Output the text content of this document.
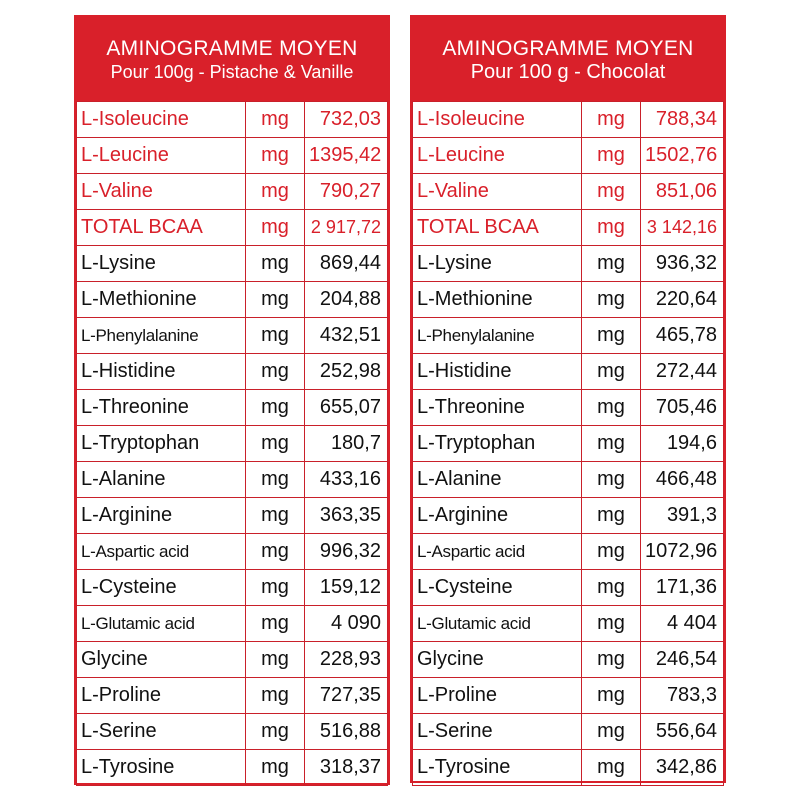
AMINOGRAMME MOYEN
Pour 100g - Pistache & Vanille
L-Isoleucine	mg	732,03
L-Leucine	mg	1395,42
L-Valine	mg	790,27
TOTAL BCAA	mg	2 917,72
L-Lysine	mg	869,44
L-Methionine	mg	204,88
L-Phenylalanine	mg	432,51
L-Histidine	mg	252,98
L-Threonine	mg	655,07
L-Tryptophan	mg	180,7
L-Alanine	mg	433,16
L-Arginine	mg	363,35
L-Aspartic acid	mg	996,32
L-Cysteine	mg	159,12
L-Glutamic acid	mg	4 090
Glycine	mg	228,93
L-Proline	mg	727,35
L-Serine	mg	516,88
L-Tyrosine	mg	318,37
AMINOGRAMME MOYEN
Pour 100 g - Chocolat
L-Isoleucine	mg	788,34
L-Leucine	mg	1502,76
L-Valine	mg	851,06
TOTAL BCAA	mg	3 142,16
L-Lysine	mg	936,32
L-Methionine	mg	220,64
L-Phenylalanine	mg	465,78
L-Histidine	mg	272,44
L-Threonine	mg	705,46
L-Tryptophan	mg	194,6
L-Alanine	mg	466,48
L-Arginine	mg	391,3
L-Aspartic acid	mg	1072,96
L-Cysteine	mg	171,36
L-Glutamic acid	mg	4 404
Glycine	mg	246,54
L-Proline	mg	783,3
L-Serine	mg	556,64
L-Tyrosine	mg	342,86
